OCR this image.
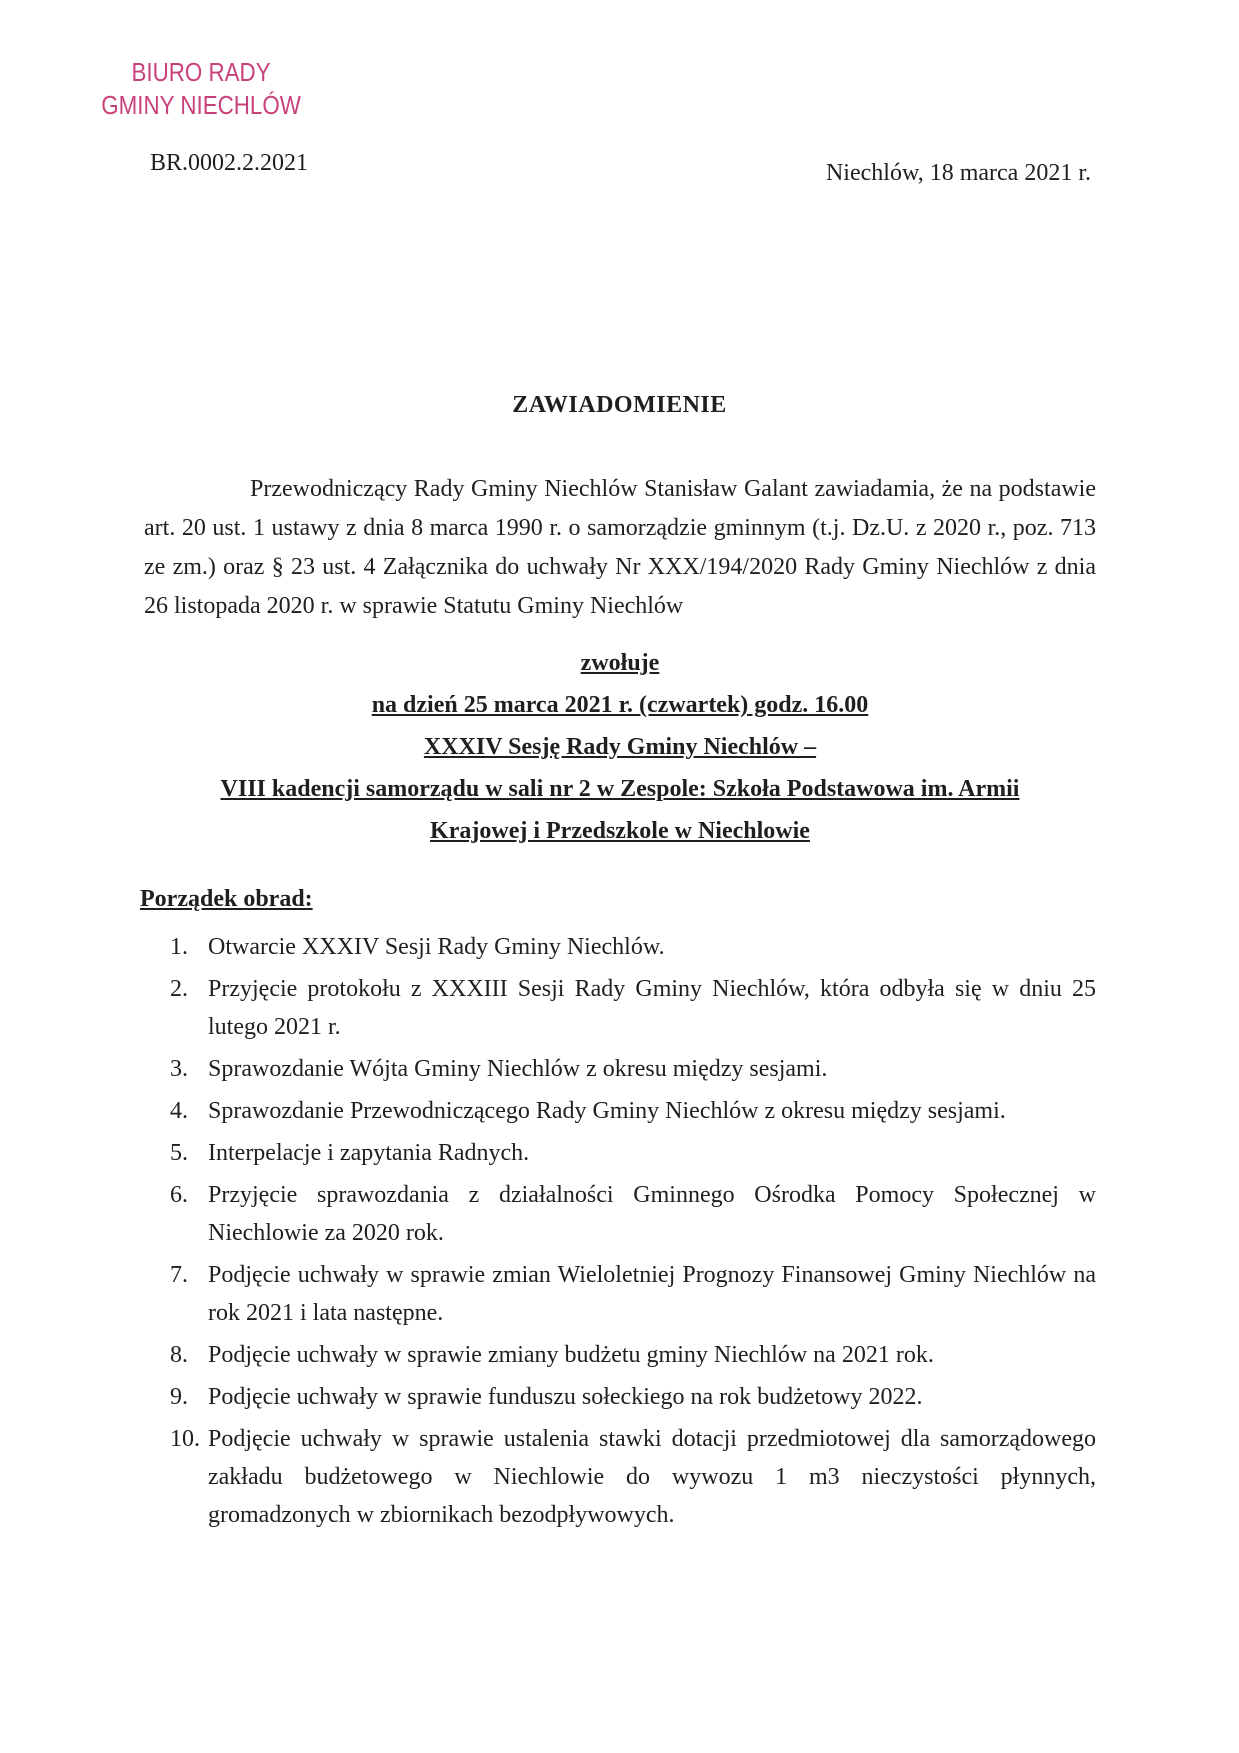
BIURO RADY
GMINY NIECHLÓW
BR.0002.2.2021	Niechlów, 18 marca 2021 r.
ZAWIADOMIENIE
Przewodniczący Rady Gminy Niechlów Stanisław Galant zawiadamia, że na podstawie art. 20 ust. 1 ustawy z dnia 8 marca 1990 r. o samorządzie gminnym (t.j. Dz.U. z 2020 r., poz. 713 ze zm.) oraz § 23 ust. 4 Załącznika do uchwały Nr XXX/194/2020 Rady Gminy Niechlów z dnia 26 listopada 2020 r. w sprawie Statutu Gminy Niechlów
zwołuje
na dzień 25 marca 2021 r. (czwartek) godz. 16.00
XXXIV Sesję Rady Gminy Niechlów –
VIII kadencji samorządu w sali nr 2 w Zespole: Szkoła Podstawowa im. Armii
Krajowej i Przedszkole w Niechlowie
Porządek obrad:
1. Otwarcie XXXIV Sesji Rady Gminy Niechlów.
2. Przyjęcie protokołu z XXXIII Sesji Rady Gminy Niechlów, która odbyła się w dniu 25 lutego 2021 r.
3. Sprawozdanie Wójta Gminy Niechlów z okresu między sesjami.
4. Sprawozdanie Przewodniczącego Rady Gminy Niechlów z okresu między sesjami.
5. Interpelacje i zapytania Radnych.
6. Przyjęcie sprawozdania z działalności Gminnego Ośrodka Pomocy Społecznej w Niechlowie za 2020 rok.
7. Podjęcie uchwały w sprawie zmian Wieloletniej Prognozy Finansowej Gminy Niechlów na rok 2021 i lata następne.
8. Podjęcie uchwały w sprawie zmiany budżetu gminy Niechlów na 2021 rok.
9. Podjęcie uchwały w sprawie funduszu sołeckiego na rok budżetowy 2022.
10. Podjęcie uchwały w sprawie ustalenia stawki dotacji przedmiotowej dla samorządowego zakładu budżetowego w Niechlowie do wywozu 1 m3 nieczystości płynnych, gromadzonych w zbiornikach bezodpływowych.
